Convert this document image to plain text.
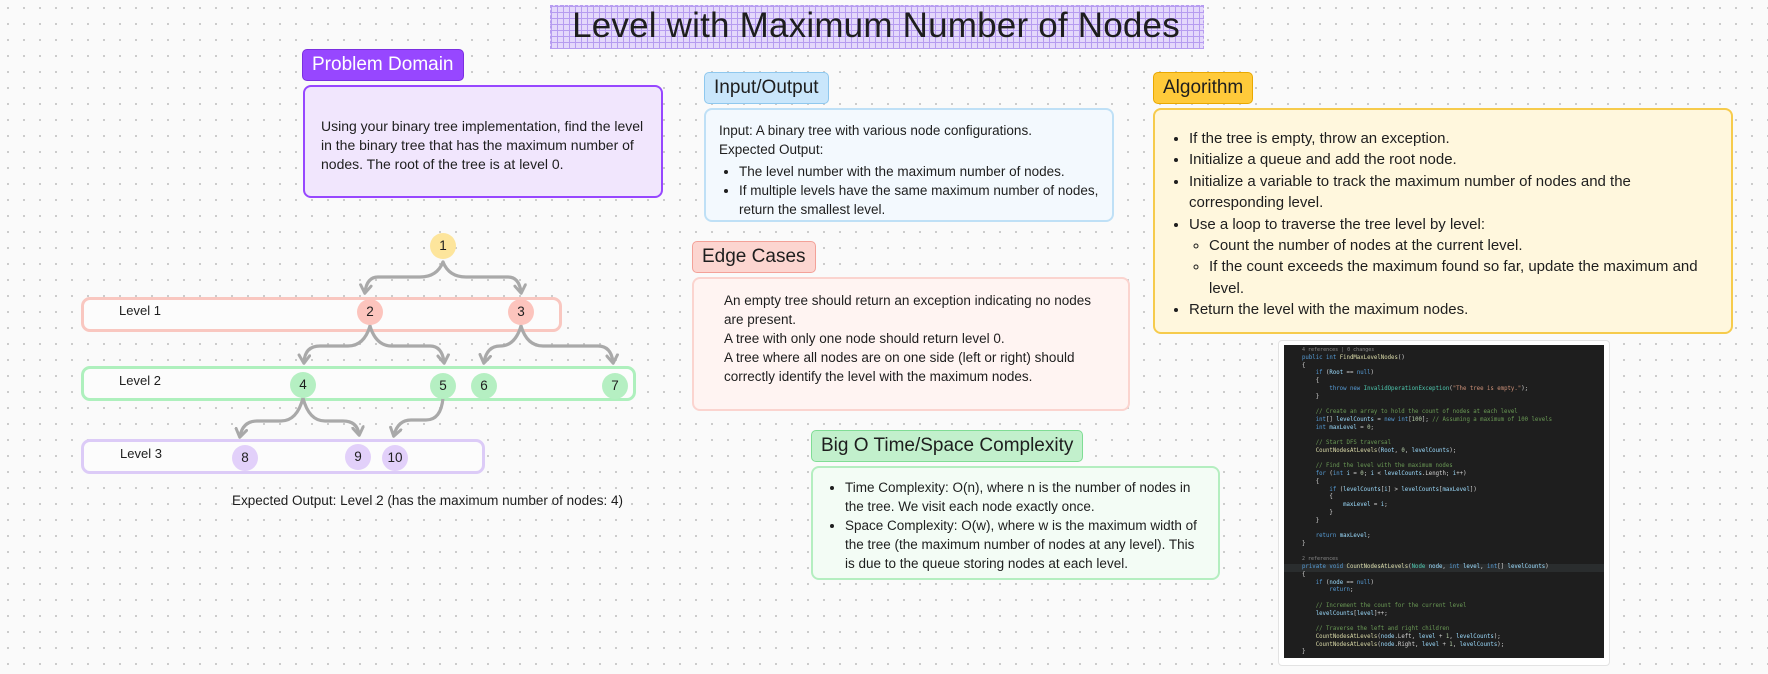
Level with Maximum Number of Nodes
Problem Domain
Using your binary tree implementation, find the level in the binary tree that has the maximum number of nodes. The root of the tree is at level 0.
Input/Output
Input: A binary tree with various node configurations.
Expected Output:
• The level number with the maximum number of nodes.
• If multiple levels have the same maximum number of nodes, return the smallest level.
Edge Cases
An empty tree should return an exception indicating no nodes are present.
A tree with only one node should return level 0.
A tree where all nodes are on one side (left or right) should correctly identify the level with the maximum nodes.
Big O Time/Space Complexity
• Time Complexity: O(n), where n is the number of nodes in the tree. We visit each node exactly once.
• Space Complexity: O(w), where w is the maximum width of the tree (the maximum number of nodes at any level). This is due to the queue storing nodes at each level.
Algorithm
• If the tree is empty, throw an exception.
• Initialize a queue and add the root node.
• Initialize a variable to track the maximum number of nodes and the corresponding level.
• Use a loop to traverse the tree level by level:
◦ Count the number of nodes at the current level.
◦ If the count exceeds the maximum found so far, update the maximum and level.
• Return the level with the maximum nodes.
Level 1
Level 2
Level 3
1
2	3
4	5	6	7
8	9	10
Expected Output: Level 2 (has the maximum number of nodes: 4)
4 references | 0 changes
public int FindMaxLevelNodes()
{
if (Root == null)
{
throw new InvalidOperationException("The tree is empty.");
}
// Create an array to hold the count of nodes at each level
int[] levelCounts = new int[100]; // Assuming a maximum of 100 levels
int maxLevel = 0;
// Start DFS traversal
CountNodesAtLevels(Root, 0, levelCounts);
// Find the level with the maximum nodes
for (int i = 0; i < levelCounts.Length; i++)
{
if (levelCounts[i] > levelCounts[maxLevel])
{
maxLevel = i;
}
}
return maxLevel;
}
2 references
private void CountNodesAtLevels(Node node, int level, int[] levelCounts)
{
if (node == null)
return;
// Increment the count for the current level
levelCounts[level]++;
// Traverse the left and right children
CountNodesAtLevels(node.Left, level + 1, levelCounts);
CountNodesAtLevels(node.Right, level + 1, levelCounts);
}
